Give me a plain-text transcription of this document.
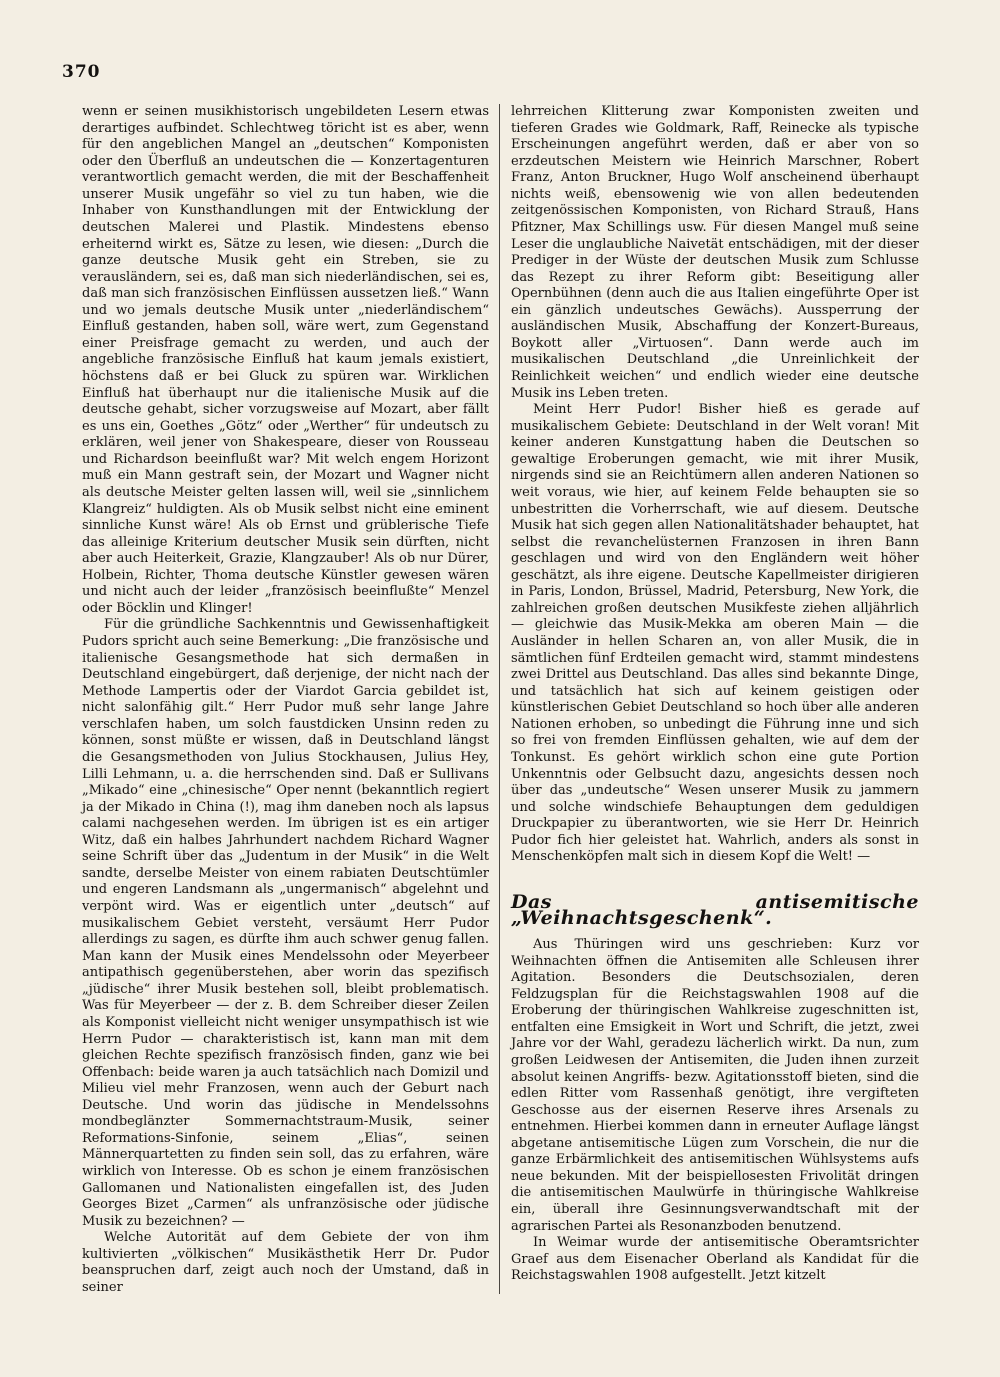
370

wenn er seinen musikhistorisch ungebildeten Lesern etwas derartiges aufbindet. Schlechtweg töricht ist es aber, wenn für den angeblichen Mangel an „deutschen“ Komponisten oder den Überfluß an undeutschen die — Konzertagenturen verantwortlich gemacht werden, die mit der Beschaffenheit unserer Musik ungefähr so viel zu tun haben, wie die Inhaber von Kunsthandlungen mit der Entwicklung der deutschen Malerei und Plastik. Mindestens ebenso erheiternd wirkt es, Sätze zu lesen, wie diesen: „Durch die ganze deutsche Musik geht ein Streben, sie zu verausländern, sei es, daß man sich niederländischen, sei es, daß man sich französischen Einflüssen aussetzen ließ.“ Wann und wo jemals deutsche Musik unter „niederländischem“ Einfluß gestanden, haben soll, wäre wert, zum Gegenstand einer Preisfrage gemacht zu werden, und auch der angebliche französische Einfluß hat kaum jemals existiert, höchstens daß er bei Gluck zu spüren war. Wirklichen Einfluß hat überhaupt nur die italienische Musik auf die deutsche gehabt, sicher vorzugsweise auf Mozart, aber fällt es uns ein, Goethes „Götz“ oder „Werther“ für undeutsch zu erklären, weil jener von Shakespeare, dieser von Rousseau und Richardson beeinflußt war? Mit welch engem Horizont muß ein Mann gestraft sein, der Mozart und Wagner nicht als deutsche Meister gelten lassen will, weil sie „sinnlichem Klangreiz“ huldigten. Als ob Musik selbst nicht eine eminent sinnliche Kunst wäre! Als ob Ernst und grüblerische Tiefe das alleinige Kriterium deutscher Musik sein dürften, nicht aber auch Heiterkeit, Grazie, Klangzauber! Als ob nur Dürer, Holbein, Richter, Thoma deutsche Künstler gewesen wären und nicht auch der leider „französisch beeinflußte“ Menzel oder Böcklin und Klinger!

Für die gründliche Sachkenntnis und Gewissenhaftigkeit Pudors spricht auch seine Bemerkung: „Die französische und italienische Gesangsmethode hat sich dermaßen in Deutschland eingebürgert, daß derjenige, der nicht nach der Methode Lampertis oder der Viardot Garcia gebildet ist, nicht salonfähig gilt.“ Herr Pudor muß sehr lange Jahre verschlafen haben, um solch faustdicken Unsinn reden zu können, sonst müßte er wissen, daß in Deutschland längst die Gesangsmethoden von Julius Stockhausen, Julius Hey, Lilli Lehmann, u. a. die herrschenden sind. Daß er Sullivans „Mikado“ eine „chinesische“ Oper nennt (bekanntlich regiert ja der Mikado in China (!), mag ihm daneben noch als lapsus calami nachgesehen werden. Im übrigen ist es ein artiger Witz, daß ein halbes Jahrhundert nachdem Richard Wagner seine Schrift über das „Judentum in der Musik“ in die Welt sandte, derselbe Meister von einem rabiaten Deutschtümler und engeren Landsmann als „ungermanisch“ abgelehnt und verpönt wird. Was er eigentlich unter „deutsch“ auf musikalischem Gebiet versteht, versäumt Herr Pudor allerdings zu sagen, es dürfte ihm auch schwer genug fallen. Man kann der Musik eines Mendelssohn oder Meyerbeer antipathisch gegenüberstehen, aber worin das spezifisch „jüdische“ ihrer Musik bestehen soll, bleibt problematisch. Was für Meyerbeer — der z. B. dem Schreiber dieser Zeilen als Komponist vielleicht nicht weniger unsympathisch ist wie Herrn Pudor — charakteristisch ist, kann man mit dem gleichen Rechte spezifisch französisch finden, ganz wie bei Offenbach: beide waren ja auch tatsächlich nach Domizil und Milieu viel mehr Franzosen, wenn auch der Geburt nach Deutsche. Und worin das jüdische in Mendelssohns mondbeglänzter Sommernachtstraum-Musik, seiner Reformations-Sinfonie, seinem „Elias“, seinen Männerquartetten zu finden sein soll, das zu erfahren, wäre wirklich von Interesse. Ob es schon je einem französischen Gallomanen und Nationalisten eingefallen ist, des Juden Georges Bizet „Carmen“ als unfranzösische oder jüdische Musik zu bezeichnen? —

Welche Autorität auf dem Gebiete der von ihm kultivierten „völkischen“ Musikästhetik Herr Dr. Pudor beanspruchen darf, zeigt auch noch der Umstand, daß in seiner

lehrreichen Klitterung zwar Komponisten zweiten und tieferen Grades wie Goldmark, Raff, Reinecke als typische Erscheinungen angeführt werden, daß er aber von so erzdeutschen Meistern wie Heinrich Marschner, Robert Franz, Anton Bruckner, Hugo Wolf anscheinend überhaupt nichts weiß, ebensowenig wie von allen bedeutenden zeitgenössischen Komponisten, von Richard Strauß, Hans Pfitzner, Max Schillings usw. Für diesen Mangel muß seine Leser die unglaubliche Naivetät entschädigen, mit der dieser Prediger in der Wüste der deutschen Musik zum Schlusse das Rezept zu ihrer Reform gibt: Beseitigung aller Opernbühnen (denn auch die aus Italien eingeführte Oper ist ein gänzlich undeutsches Gewächs). Aussperrung der ausländischen Musik, Abschaffung der Konzert-Bureaus, Boykott aller „Virtuosen“. Dann werde auch im musikalischen Deutschland „die Unreinlichkeit der Reinlichkeit weichen“ und endlich wieder eine deutsche Musik ins Leben treten.

Meint Herr Pudor! Bisher hieß es gerade auf musikalischem Gebiete: Deutschland in der Welt voran! Mit keiner anderen Kunstgattung haben die Deutschen so gewaltige Eroberungen gemacht, wie mit ihrer Musik, nirgends sind sie an Reichtümern allen anderen Nationen so weit voraus, wie hier, auf keinem Felde behaupten sie so unbestritten die Vorherrschaft, wie auf diesem. Deutsche Musik hat sich gegen allen Nationalitätshader behauptet, hat selbst die revanchelüsternen Franzosen in ihren Bann geschlagen und wird von den Engländern weit höher geschätzt, als ihre eigene. Deutsche Kapellmeister dirigieren in Paris, London, Brüssel, Madrid, Petersburg, New York, die zahlreichen großen deutschen Musikfeste ziehen alljährlich — gleichwie das Musik-Mekka am oberen Main — die Ausländer in hellen Scharen an, von aller Musik, die in sämtlichen fünf Erdteilen gemacht wird, stammt mindestens zwei Drittel aus Deutschland. Das alles sind bekannte Dinge, und tatsächlich hat sich auf keinem geistigen oder künstlerischen Gebiet Deutschland so hoch über alle anderen Nationen erhoben, so unbedingt die Führung inne und sich so frei von fremden Einflüssen gehalten, wie auf dem der Tonkunst. Es gehört wirklich schon eine gute Portion Unkenntnis oder Gelbsucht dazu, angesichts dessen noch über das „undeutsche“ Wesen unserer Musik zu jammern und solche windschiefe Behauptungen dem geduldigen Druckpapier zu überantworten, wie sie Herr Dr. Heinrich Pudor fich hier geleistet hat. Wahrlich, anders als sonst in Menschenköpfen malt sich in diesem Kopf die Welt! —

Das antisemitische „Weihnachtsgeschenk“.

Aus Thüringen wird uns geschrieben: Kurz vor Weihnachten öffnen die Antisemiten alle Schleusen ihrer Agitation. Besonders die Deutschsozialen, deren Feldzugsplan für die Reichstagswahlen 1908 auf die Eroberung der thüringischen Wahlkreise zugeschnitten ist, entfalten eine Emsigkeit in Wort und Schrift, die jetzt, zwei Jahre vor der Wahl, geradezu lächerlich wirkt. Da nun, zum großen Leidwesen der Antisemiten, die Juden ihnen zurzeit absolut keinen Angriffs- bezw. Agitationsstoff bieten, sind die edlen Ritter vom Rassenhaß genötigt, ihre vergifteten Geschosse aus der eisernen Reserve ihres Arsenals zu entnehmen. Hierbei kommen dann in erneuter Auflage längst abgetane antisemitische Lügen zum Vorschein, die nur die ganze Erbärmlichkeit des antisemitischen Wühlsystems aufs neue bekunden. Mit der beispiellosesten Frivolität dringen die antisemitischen Maulwürfe in thüringische Wahlkreise ein, überall ihre Gesinnungsverwandtschaft mit der agrarischen Partei als Resonanzboden benutzend.

In Weimar wurde der antisemitische Oberamtsrichter Graef aus dem Eisenacher Oberland als Kandidat für die Reichstagswahlen 1908 aufgestellt. Jetzt kitzelt
